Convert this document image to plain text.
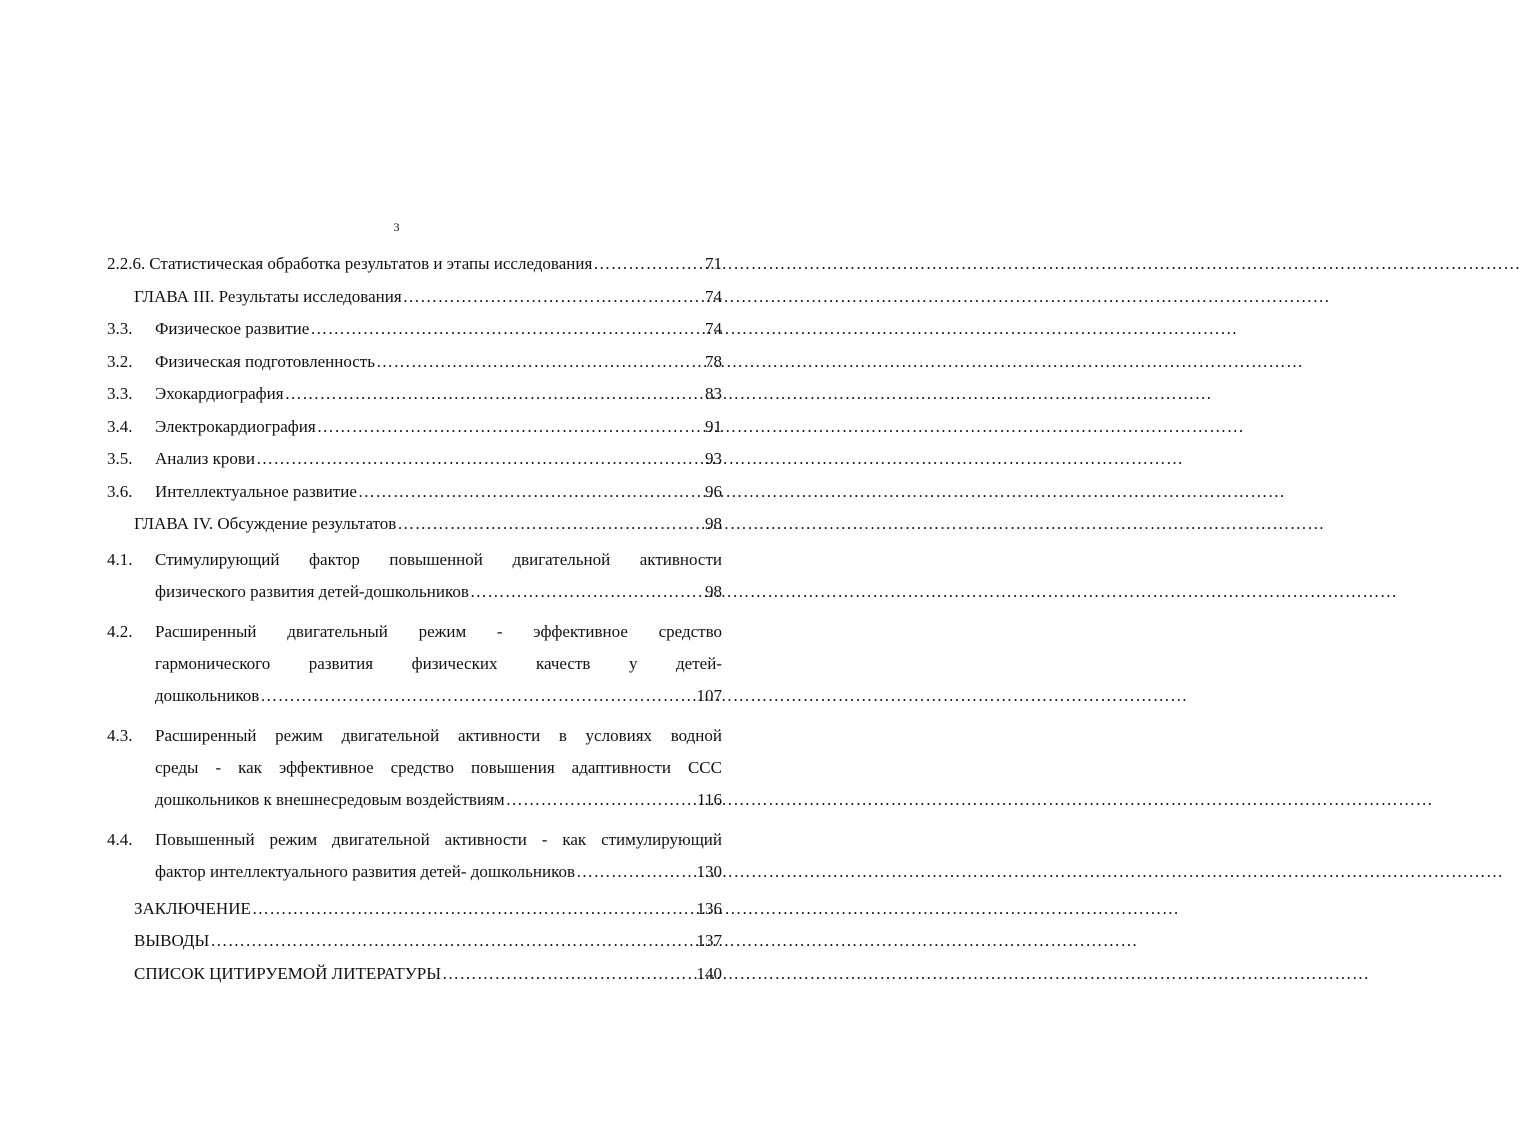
3
2.2.6. Статистическая обработка результатов и этапы исследования ……………………………………………………………………………………………………………………………………………	71
ГЛАВА III. Результаты исследования ……………………………………………………………………………………………………………………………………………	74
3.3.	Физическое развитие ……………………………………………………………………………………………………………………………………………	74
3.2.	Физическая подготовленность ……………………………………………………………………………………………………………………………………………	78
3.3.	Эхокардиография ……………………………………………………………………………………………………………………………………………	83
3.4.	Электрокардиография ……………………………………………………………………………………………………………………………………………	91
3.5.	Анализ крови ……………………………………………………………………………………………………………………………………………	93
3.6.	Интеллектуальное развитие ……………………………………………………………………………………………………………………………………………	96
ГЛАВА IV. Обсуждение результатов ……………………………………………………………………………………………………………………………………………	98
4.1.	Стимулирующий фактор повышенной двигательной активности
физического развития детей-дошкольников ……………………………………………………………………………………………………………………………………………	98
4.2.	Расширенный двигательный режим - эффективное средство
гармонического развития физических качеств у детей-
дошкольников ……………………………………………………………………………………………………………………………………………	107
4.3.	Расширенный режим двигательной активности в условиях водной
среды - как эффективное средство повышения адаптивности ССС
дошкольников к внешнесредовым воздействиям ……………………………………………………………………………………………………………………………………………	116
4.4.	Повышенный режим двигательной активности - как стимулирующий
фактор интеллектуального развития детей- дошкольников ……………………………………………………………………………………………………………………………………………	130
ЗАКЛЮЧЕНИЕ ……………………………………………………………………………………………………………………………………………	136
ВЫВОДЫ ……………………………………………………………………………………………………………………………………………	137
СПИСОК ЦИТИРУЕМОЙ ЛИТЕРАТУРЫ ……………………………………………………………………………………………………………………………………………	140
